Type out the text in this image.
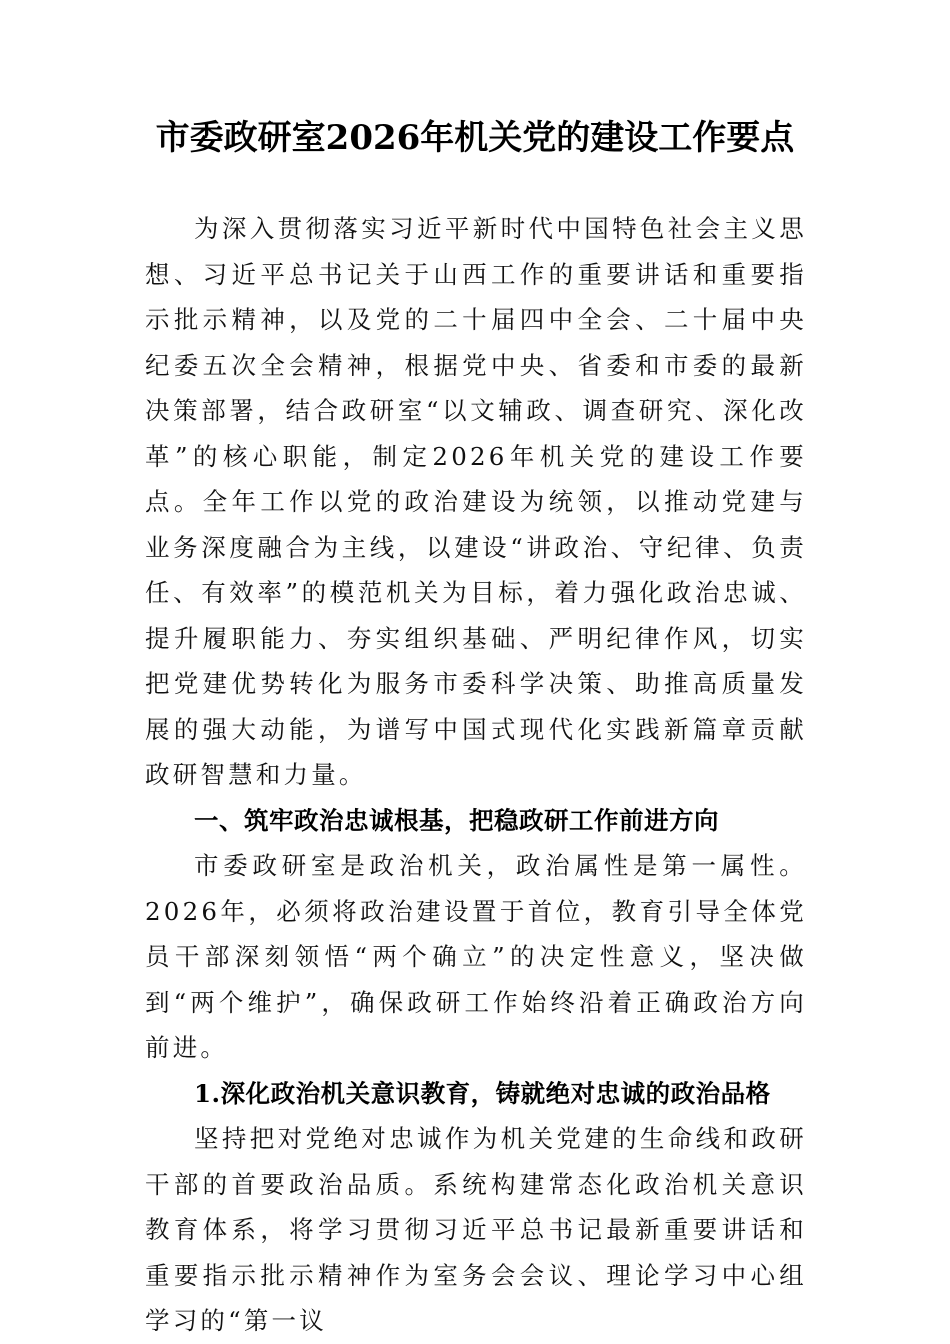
市委政研室2026年机关党的建设工作要点

为深入贯彻落实习近平新时代中国特色社会主义思想、习近平总书记关于山西工作的重要讲话和重要指示批示精神，以及党的二十届四中全会、二十届中央纪委五次全会精神，根据党中央、省委和市委的最新决策部署，结合政研室“以文辅政、调查研究、深化改革”的核心职能，制定2026年机关党的建设工作要点。全年工作以党的政治建设为统领，以推动党建与业务深度融合为主线，以建设“讲政治、守纪律、负责任、有效率”的模范机关为目标，着力强化政治忠诚、提升履职能力、夯实组织基础、严明纪律作风，切实把党建优势转化为服务市委科学决策、助推高质量发展的强大动能，为谱写中国式现代化实践新篇章贡献政研智慧和力量。

一、筑牢政治忠诚根基，把稳政研工作前进方向

市委政研室是政治机关，政治属性是第一属性。2026年，必须将政治建设置于首位，教育引导全体党员干部深刻领悟“两个确立”的决定性意义，坚决做到“两个维护”，确保政研工作始终沿着正确政治方向前进。

1.深化政治机关意识教育，铸就绝对忠诚的政治品格

坚持把对党绝对忠诚作为机关党建的生命线和政研干部的首要政治品质。系统构建常态化政治机关意识教育体系，将学习贯彻习近平总书记最新重要讲话和重要指示批示精神作为室务会会议、理论学习中心组学习的“第一议
